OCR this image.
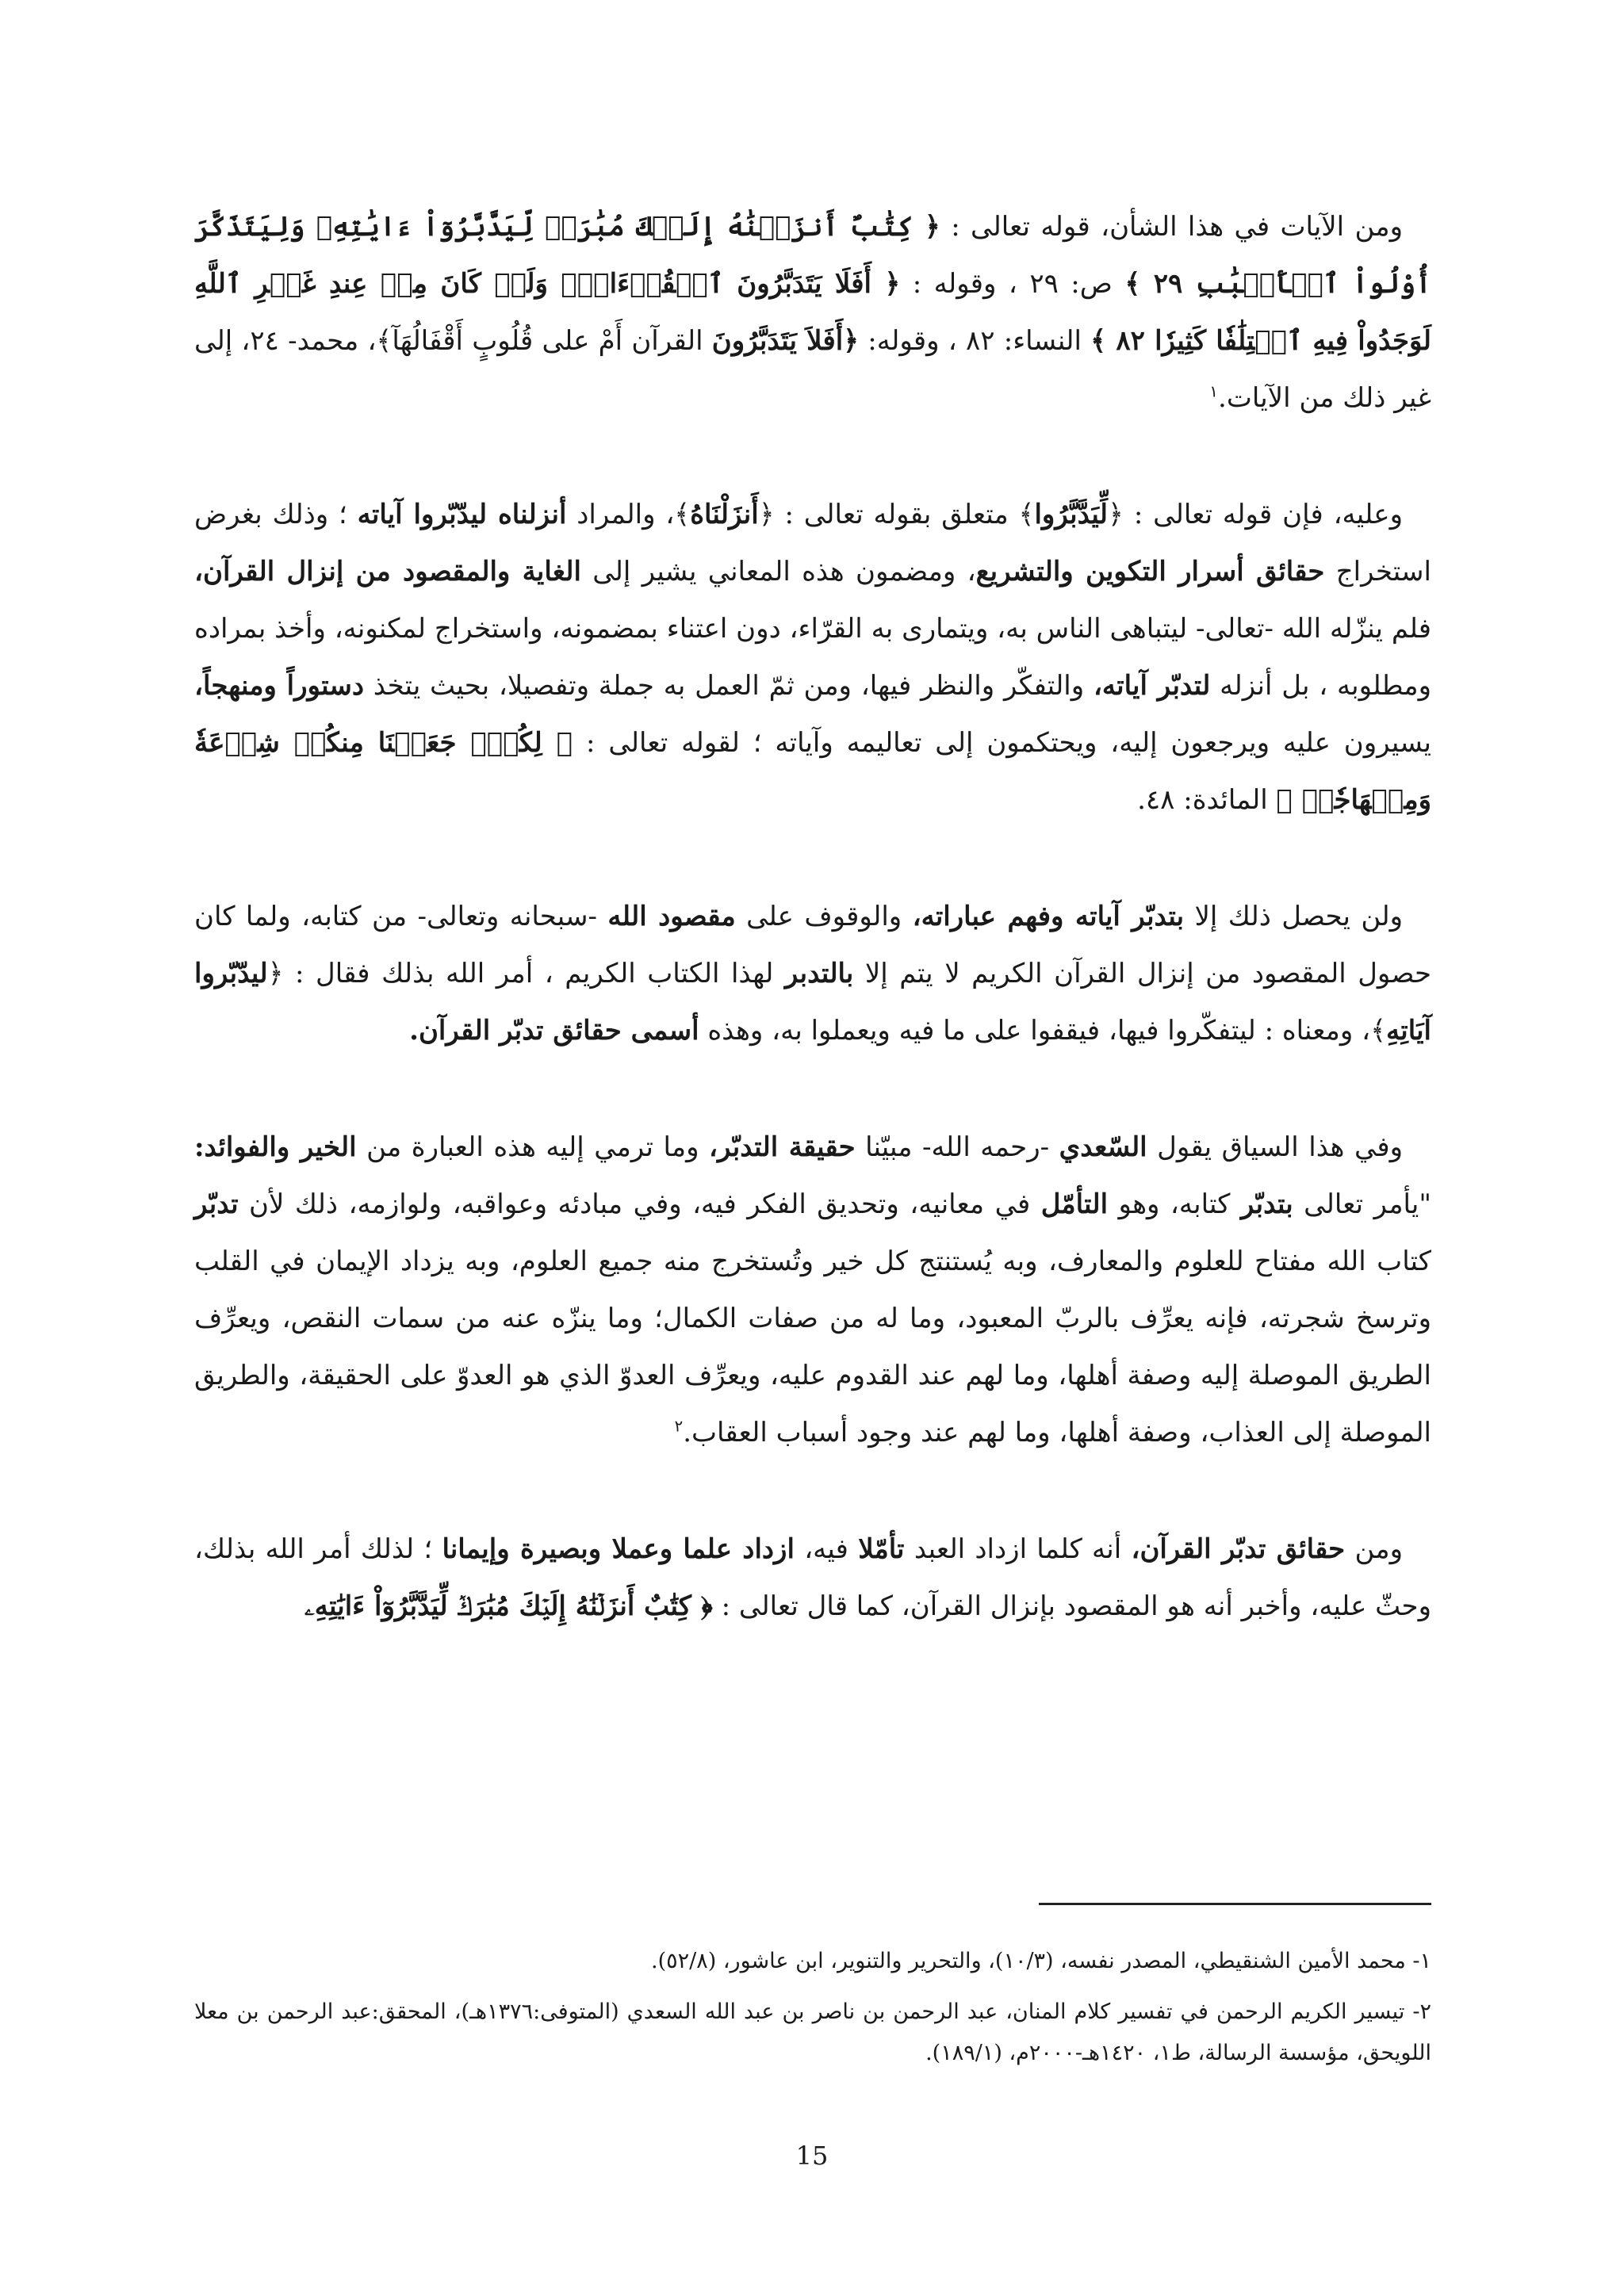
ومن الآيات في هذا الشأن، قوله تعالى : ﴿ كِتَٰبٌ أَنزَلۡنَٰهُ إِلَيۡكَ مُبَٰرَكٞ لِّيَدَّبَّرُوٓاْ ءَايَٰتِهِۦ وَلِيَتَذَكَّرَ أُوْلُواْ ٱلۡأَلۡبَٰبِ ٢٩ ﴾ ص: ٢٩ ، وقوله : ﴿ أَفَلَا يَتَدَبَّرُونَ ٱلۡقُرۡءَانَۚ وَلَوۡ كَانَ مِنۡ عِندِ غَيۡرِ ٱللَّهِ لَوَجَدُواْ فِيهِ ٱخۡتِلَٰفٗا كَثِيرٗا ٨٢ ﴾ النساء: ٨٢ ، وقوله: ﴿أَفَلاَ يَتَدَبَّرُونَ القرآن أَمْ على قُلُوبٍ أَقْفَالُهَآ﴾، محمد- ٢٤، إلى غير ذلك من الآيات.$^١$

وعليه، فإن قوله تعالى : ﴿لِّيَدَّبَّرُوا﴾ متعلق بقوله تعالى : ﴿أَنزَلْنَاهُ﴾، والمراد أنزلناه ليدّبّروا آياته ؛ وذلك بغرض استخراج حقائق أسرار التكوين والتشريع، ومضمون هذه المعاني يشير إلى الغاية والمقصود من إنزال القرآن، فلم ينزّله الله -تعالى- ليتباهى الناس به، ويتمارى به القرّاء، دون اعتناء بمضمونه، واستخراج لمكنونه، وأخذ بمراده ومطلوبه ، بل أنزله لتدبّر آياته، والتفكّر والنظر فيها، ومن ثمّ العمل به جملة وتفصيلا، بحيث يتخذ دستوراً ومنهجاً، يسيرون عليه ويرجعون إليه، ويحتكمون إلى تعاليمه وآياته ؛ لقوله تعالى : ﴿ لِكُلّٖ جَعَلۡنَا مِنكُمۡ شِرۡعَةٗ وَمِنۡهَاجٗاۚ ﴾ المائدة: ٤٨.

ولن يحصل ذلك إلا بتدبّر آياته وفهم عباراته، والوقوف على مقصود الله -سبحانه وتعالى- من كتابه، ولما كان حصول المقصود من إنزال القرآن الكريم لا يتم إلا بالتدبر لهذا الكتاب الكريم ، أمر الله بذلك فقال : ﴿ليدّبّروا آيَاتِهِ﴾، ومعناه : ليتفكّروا فيها، فيقفوا على ما فيه ويعملوا به، وهذه أسمى حقائق تدبّر القرآن.

وفي هذا السياق يقول السّعدي -رحمه الله- مبيّنا حقيقة التدبّر، وما ترمي إليه هذه العبارة من الخير والفوائد: "يأمر تعالى بتدبّر كتابه، وهو التأمّل في معانيه، وتحديق الفكر فيه، وفي مبادئه وعواقبه، ولوازمه، ذلك لأن تدبّر كتاب الله مفتاح للعلوم والمعارف، وبه يُستنتج كل خير وتُستخرج منه جميع العلوم، وبه يزداد الإيمان في القلب وترسخ شجرته، فإنه يعرِّف بالربّ المعبود، وما له من صفات الكمال؛ وما ينزّه عنه من سمات النقص، ويعرِّف الطريق الموصلة إليه وصفة أهلها، وما لهم عند القدوم عليه، ويعرِّف العدوّ الذي هو العدوّ على الحقيقة، والطريق الموصلة إلى العذاب، وصفة أهلها، وما لهم عند وجود أسباب العقاب.$^٢$

ومن حقائق تدبّر القرآن، أنه كلما ازداد العبد تأمّلا فيه، ازداد علما وعملا وبصيرة وإيمانا ؛ لذلك أمر الله بذلك، وحثّ عليه، وأخبر أنه هو المقصود بإنزال القرآن، كما قال تعالى : ﴿ كِتَٰبٌ أَنزَلۡنَٰهُ إِلَيۡكَ مُبَٰرَكٞ لِّيَدَّبَّرُوٓاْ ءَايَٰتِهِۦ

١- محمد الأمين الشنقيطي، المصدر نفسه، (١٠/٣)، والتحرير والتنوير، ابن عاشور، (٥٢/٨).

٢- تيسير الكريم الرحمن في تفسير كلام المنان، عبد الرحمن بن ناصر بن عبد الله السعدي (المتوفى:١٣٧٦هـ)، المحقق:عبد الرحمن بن معلا اللويحق، مؤسسة الرسالة، ط١، ١٤٢٠هـ-٢٠٠٠م، (١٨٩/١).

15
